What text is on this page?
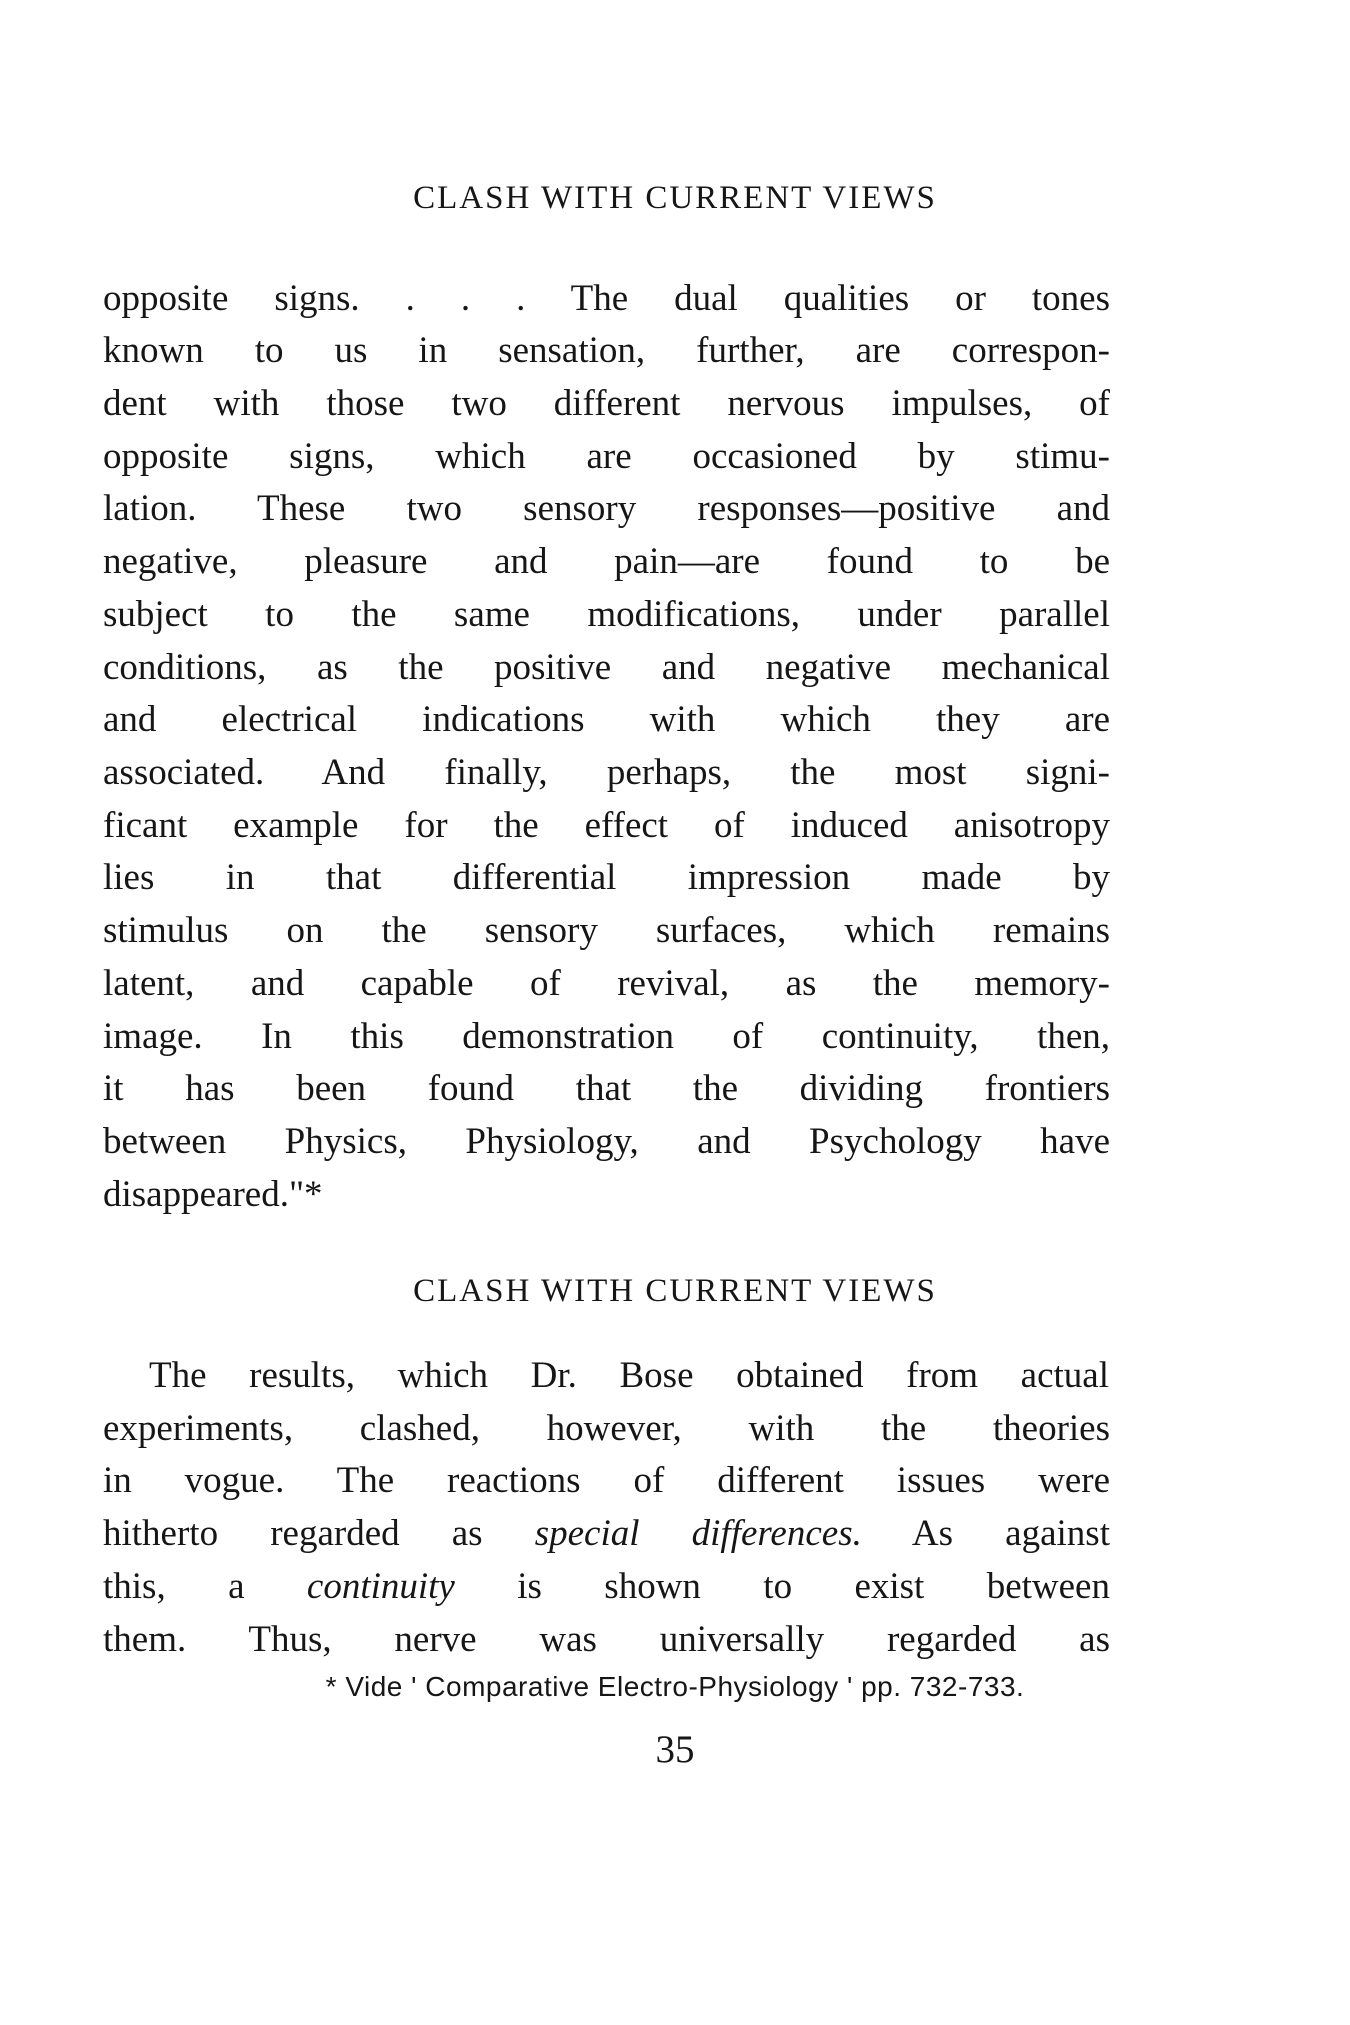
CLASH WITH CURRENT VIEWS
opposite signs. . . . The dual qualities or tones
known to us in sensation, further, are correspon-
dent with those two different nervous impulses, of
opposite signs, which are occasioned by stimu-
lation. These two sensory responses—positive and
negative, pleasure and pain—are found to be
subject to the same modifications, under parallel
conditions, as the positive and negative mechanical
and electrical indications with which they are
associated. And finally, perhaps, the most signi-
ficant example for the effect of induced anisotropy
lies in that differential impression made by
stimulus on the sensory surfaces, which remains
latent, and capable of revival, as the memory-
image. In this demonstration of continuity, then,
it has been found that the dividing frontiers
between Physics, Physiology, and Psychology have
disappeared."*
CLASH WITH CURRENT VIEWS
The results, which Dr. Bose obtained from actual
experiments, clashed, however, with the theories
in vogue. The reactions of different issues were
hitherto regarded as special differences. As against
this, a continuity is shown to exist between
them. Thus, nerve was universally regarded as
* Vide ' Comparative Electro-Physiology ' pp. 732-733.
35
